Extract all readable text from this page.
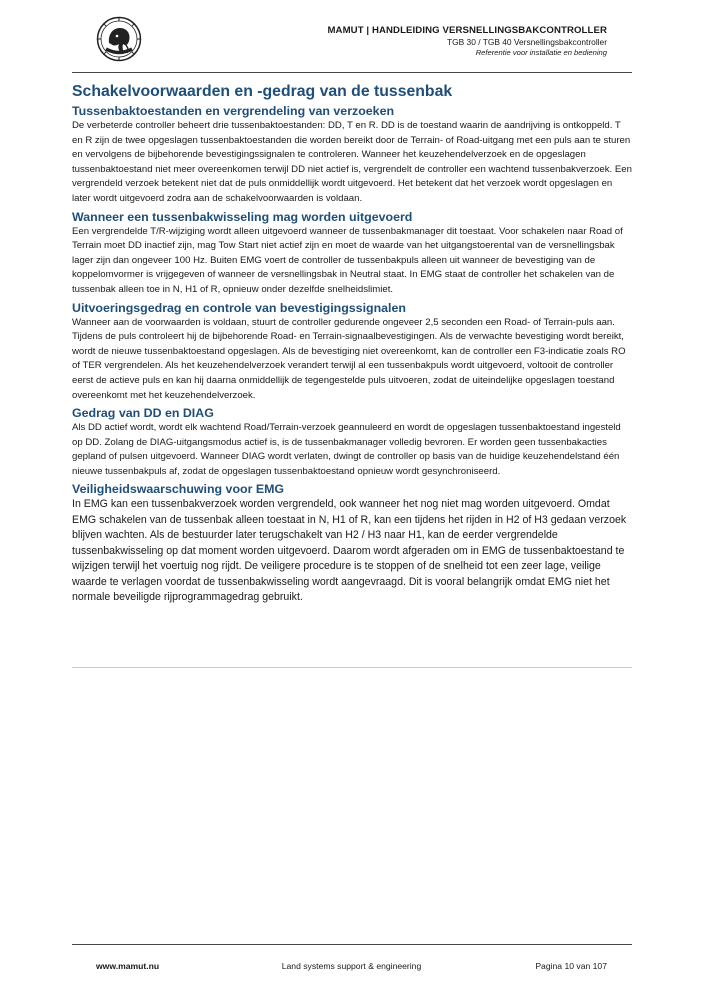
MAMUT | HANDLEIDING VERSNELLINGSBAKCONTROLLER
TGB 30 / TGB 40 Versnellingsbakcontroller
Referentie voor installatie en bediening
Schakelvoorwaarden en -gedrag van de tussenbak
Tussenbaktoestanden en vergrendeling van verzoeken

De verbeterde controller beheert drie tussenbaktoestanden: DD, T en R. DD is de toestand waarin de aandrijving is ontkoppeld. T en R zijn de twee opgeslagen tussenbaktoestanden die worden bereikt door de Terrain- of Road-uitgang met een puls aan te sturen en vervolgens de bijbehorende bevestigingssignalen te controleren. Wanneer het keuzehendelverzoek en de opgeslagen tussenbaktoestand niet meer overeenkomen terwijl DD niet actief is, vergrendelt de controller een wachtend tussenbakverzoek. Een vergrendeld verzoek betekent niet dat de puls onmiddellijk wordt uitgevoerd. Het betekent dat het verzoek wordt opgeslagen en later wordt uitgevoerd zodra aan de schakelvoorwaarden is voldaan.

Wanneer een tussenbakwisseling mag worden uitgevoerd

Een vergrendelde T/R-wijziging wordt alleen uitgevoerd wanneer de tussenbakmanager dit toestaat. Voor schakelen naar Road of Terrain moet DD inactief zijn, mag Tow Start niet actief zijn en moet de waarde van het uitgangstoerental van de versnellingsbak lager zijn dan ongeveer 100 Hz. Buiten EMG voert de controller de tussenbakpuls alleen uit wanneer de bevestiging van de koppelomvormer is vrijgegeven of wanneer de versnellingsbak in Neutral staat. In EMG staat de controller het schakelen van de tussenbak alleen toe in N, H1 of R, opnieuw onder dezelfde snelheidslimiet.

Uitvoeringsgedrag en controle van bevestigingssignalen

Wanneer aan de voorwaarden is voldaan, stuurt de controller gedurende ongeveer 2,5 seconden een Road- of Terrain-puls aan. Tijdens de puls controleert hij de bijbehorende Road- en Terrain-signaalbevestigingen. Als de verwachte bevestiging wordt bereikt, wordt de nieuwe tussenbaktoestand opgeslagen. Als de bevestiging niet overeenkomt, kan de controller een F3-indicatie zoals RO of TER vergrendelen. Als het keuzehendelverzoek verandert terwijl al een tussenbakpuls wordt uitgevoerd, voltooit de controller eerst de actieve puls en kan hij daarna onmiddellijk de tegengestelde puls uitvoeren, zodat de uiteindelijke opgeslagen toestand overeenkomt met het keuzehendelverzoek.

Gedrag van DD en DIAG

Als DD actief wordt, wordt elk wachtend Road/Terrain-verzoek geannuleerd en wordt de opgeslagen tussenbaktoestand ingesteld op DD. Zolang de DIAG-uitgangsmodus actief is, is de tussenbakmanager volledig bevroren. Er worden geen tussenbakacties gepland of pulsen uitgevoerd. Wanneer DIAG wordt verlaten, dwingt de controller op basis van de huidige keuzehendelstand één nieuwe tussenbakpuls af, zodat de opgeslagen tussenbaktoestand opnieuw wordt gesynchroniseerd.

Veiligheidswaarschuwing voor EMG

In EMG kan een tussenbakverzoek worden vergrendeld, ook wanneer het nog niet mag worden uitgevoerd. Omdat EMG schakelen van de tussenbak alleen toestaat in N, H1 of R, kan een tijdens het rijden in H2 of H3 gedaan verzoek blijven wachten. Als de bestuurder later terugschakelt van H2 / H3 naar H1, kan de eerder vergrendelde tussenbakwisseling op dat moment worden uitgevoerd. Daarom wordt afgeraden om in EMG de tussenbaktoestand te wijzigen terwijl het voertuig nog rijdt. De veiligere procedure is te stoppen of de snelheid tot een zeer lage, veilige waarde te verlagen voordat de tussenbakwisseling wordt aangevraagd. Dit is vooral belangrijk omdat EMG niet het normale beveiligde rijprogrammagedrag gebruikt.

www.mamut.nu	Land systems support & engineering	Pagina 10 van 107
